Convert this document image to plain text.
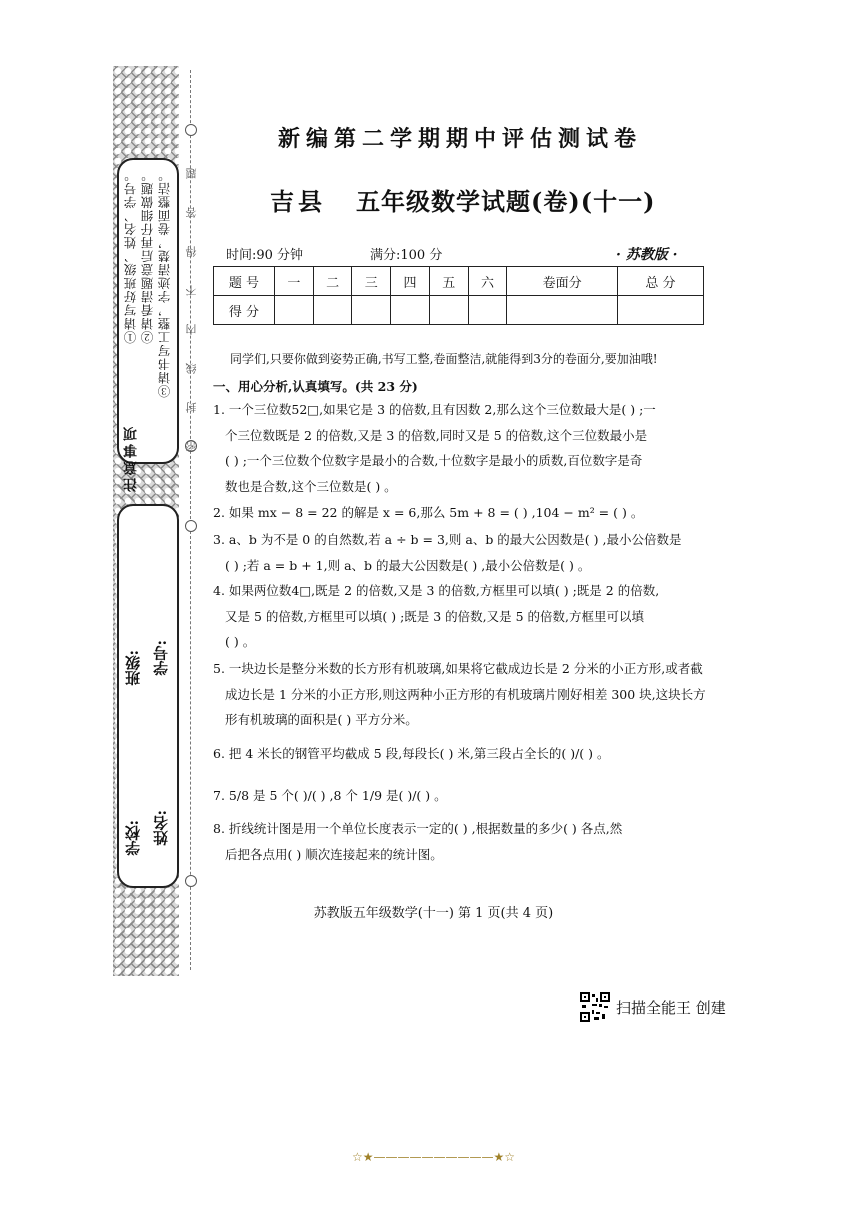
注意事项
①请写好班级、姓名、学号。 ②请看清题意后再仔细做题。 ③请书写工整，字迹清楚，卷面整洁。
班级: 学号:
学校: 姓名:
密封线内不得答题
新编第二学期期中评估测试卷
吉县 五年级数学试题(卷)(十一)
时间:90 分钟	满分:100 分	· 苏教版 ·
题 号	一	二	三	四	五	六	卷面分	总 分
得 分								
同学们,只要你做到姿势正确,书写工整,卷面整洁,就能得到3分的卷面分,要加油哦!
一、用心分析,认真填写。(共 23 分)
1. 一个三位数52□,如果它是 3 的倍数,且有因数 2,那么这个三位数最大是( ) ;一
个三位数既是 2 的倍数,又是 3 的倍数,同时又是 5 的倍数,这个三位数最小是
( ) ;一个三位数个位数字是最小的合数,十位数字是最小的质数,百位数字是奇
数也是合数,这个三位数是( ) 。
2. 如果 mx − 8 = 22 的解是 x = 6,那么 5m + 8 = ( ) ,104 − m² = ( ) 。
3. a、b 为不是 0 的自然数,若 a ÷ b = 3,则 a、b 的最大公因数是( ) ,最小公倍数是
( ) ;若 a = b + 1,则 a、b 的最大公因数是( ) ,最小公倍数是( ) 。
4. 如果两位数4□,既是 2 的倍数,又是 3 的倍数,方框里可以填( ) ;既是 2 的倍数,
又是 5 的倍数,方框里可以填( ) ;既是 3 的倍数,又是 5 的倍数,方框里可以填
( ) 。
5. 一块边长是整分米数的长方形有机玻璃,如果将它截成边长是 2 分米的小正方形,或者截
成边长是 1 分米的小正方形,则这两种小正方形的有机玻璃片刚好相差 300 块,这块长方
形有机玻璃的面积是( ) 平方分米。
6. 把 4 米长的钢管平均截成 5 段,每段长( ) 米,第三段占全长的( )/( ) 。
7. 5/8 是 5 个( )/( ) ,8 个 1/9 是( )/( ) 。
8. 折线统计图是用一个单位长度表示一定的( ) ,根据数量的多少( ) 各点,然
后把各点用( ) 顺次连接起来的统计图。
苏教版五年级数学(十一) 第 1 页(共 4 页)
扫描全能王 创建
☆★——————————★☆
